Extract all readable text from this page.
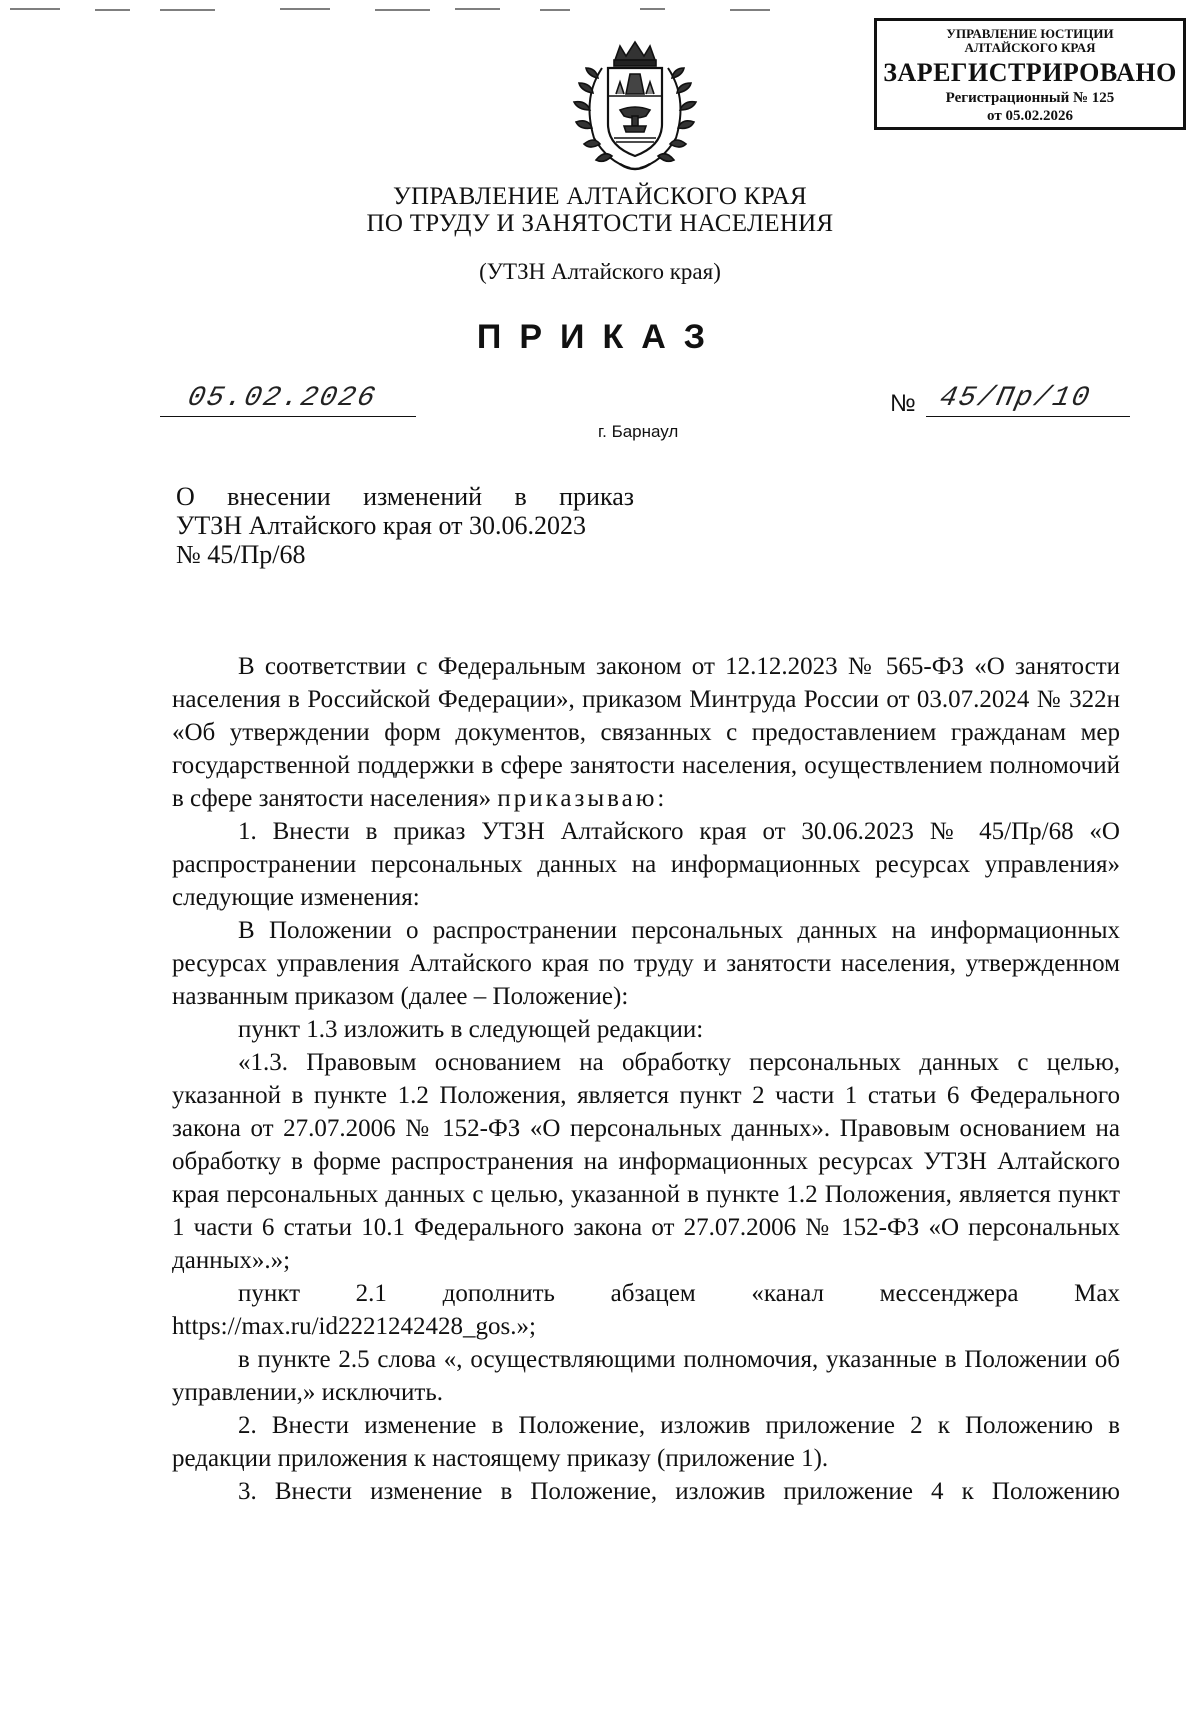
УПРАВЛЕНИЕ ЮСТИЦИИ
АЛТАЙСКОГО КРАЯ
ЗАРЕГИСТРИРОВАНО
Регистрационный № 125
от 05.02.2026
УПРАВЛЕНИЕ АЛТАЙСКОГО КРАЯ
ПО ТРУДУ И ЗАНЯТОСТИ НАСЕЛЕНИЯ
(УТЗН Алтайского края)
ПРИКАЗ
05.02.2026	№ 45/Пр/10
г. Барнаул
О внесении изменений в приказ
УТЗН Алтайского края от 30.06.2023
№ 45/Пр/68

В соответствии с Федеральным законом от 12.12.2023 № 565-ФЗ «О занятости населения в Российской Федерации», приказом Минтруда России от 03.07.2024 № 322н «Об утверждении форм документов, связанных с предоставлением гражданам мер государственной поддержки в сфере занятости населения, осуществлением полномочий в сфере занятости населения» приказываю:

1. Внести в приказ УТЗН Алтайского края от 30.06.2023 № 45/Пр/68 «О распространении персональных данных на информационных ресурсах управления» следующие изменения:

В Положении о распространении персональных данных на информационных ресурсах управления Алтайского края по труду и занятости населения, утвержденном названным приказом (далее – Положение):

пункт 1.3 изложить в следующей редакции:

«1.3. Правовым основанием на обработку персональных данных с целью, указанной в пункте 1.2 Положения, является пункт 2 части 1 статьи 6 Федерального закона от 27.07.2006 № 152-ФЗ «О персональных данных». Правовым основанием на обработку в форме распространения на информационных ресурсах УТЗН Алтайского края персональных данных с целью, указанной в пункте 1.2 Положения, является пункт 1 части 6 статьи 10.1 Федерального закона от 27.07.2006 № 152-ФЗ «О персональных данных».»;

пункт 2.1 дополнить абзацем «канал мессенджера Max https://max.ru/id2221242428_gos.»;

в пункте 2.5 слова «, осуществляющими полномочия, указанные в Положении об управлении,» исключить.

2. Внести изменение в Положение, изложив приложение 2 к Положению в редакции приложения к настоящему приказу (приложение 1).

3. Внести изменение в Положение, изложив приложение 4 к Положению
